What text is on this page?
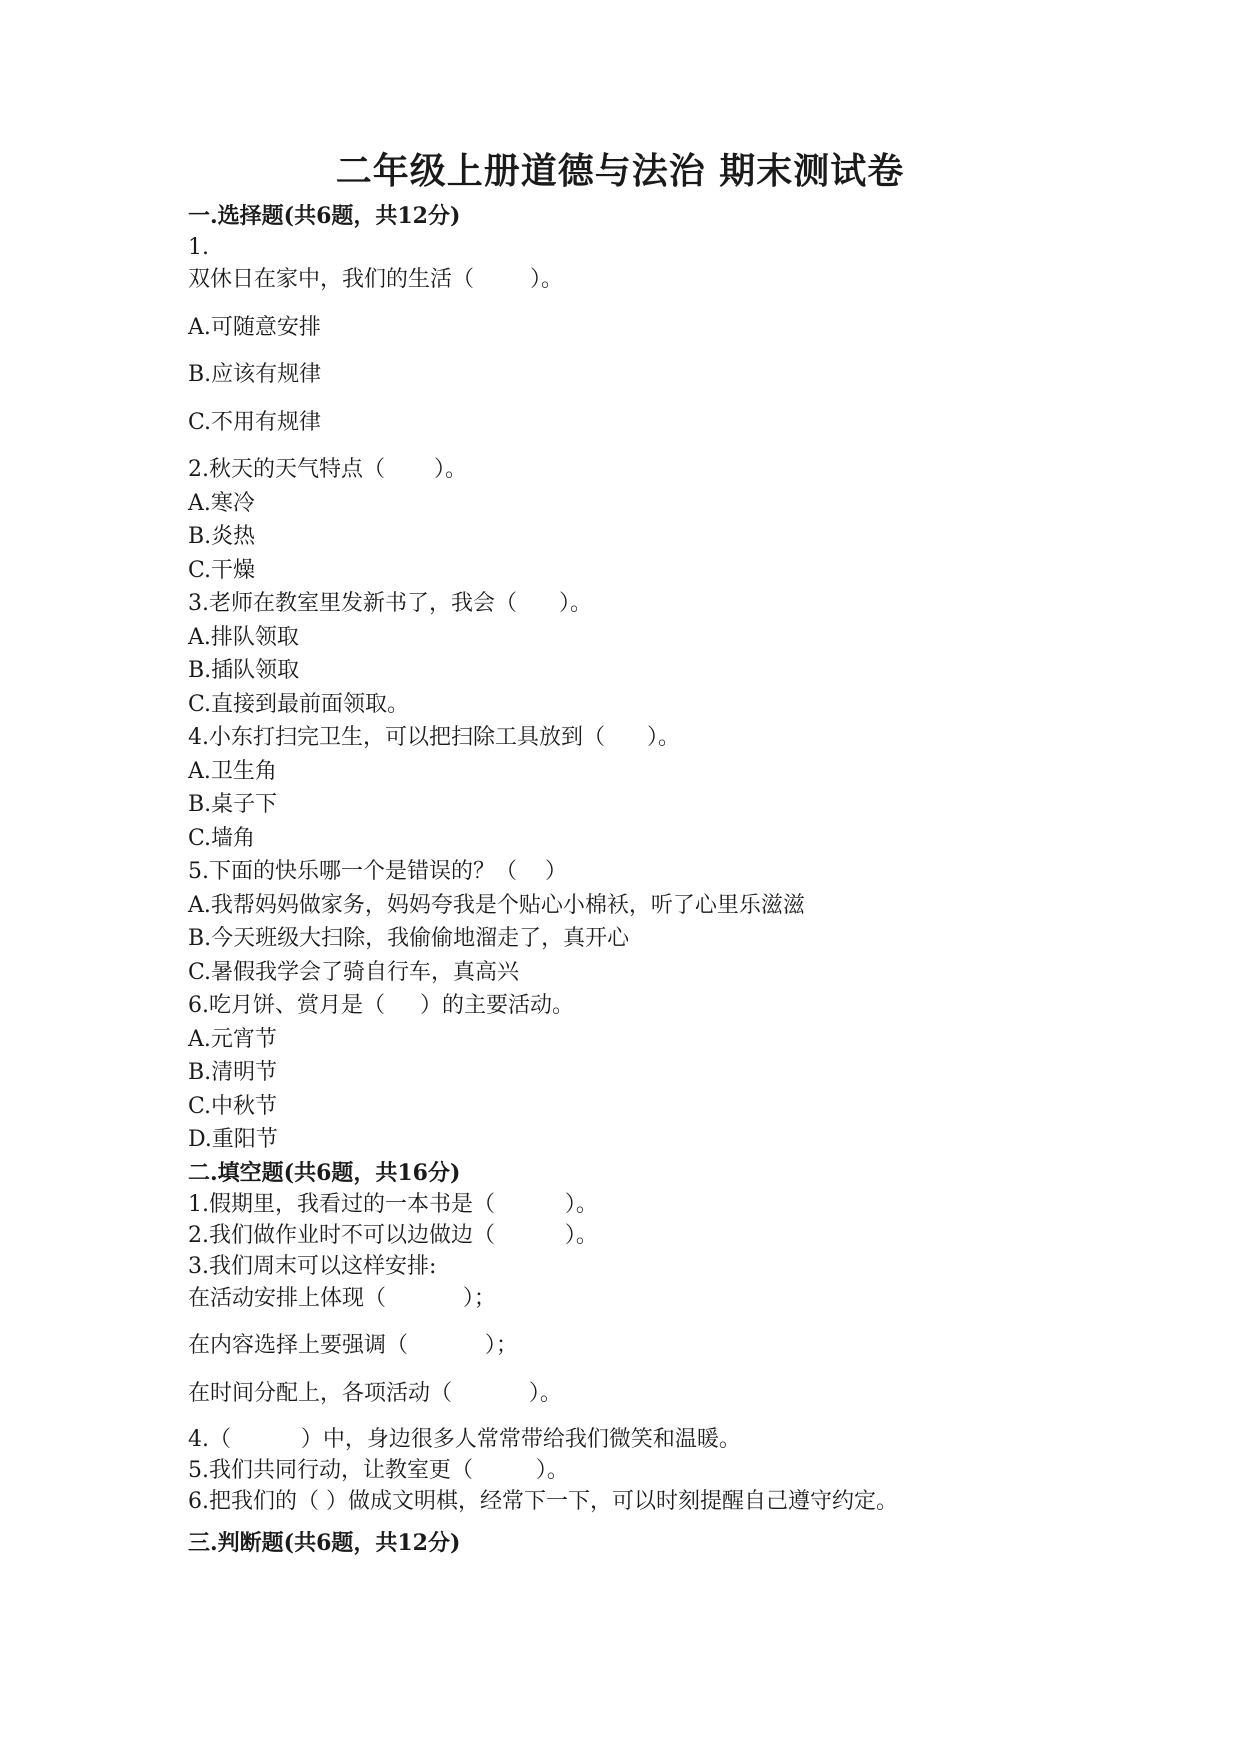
二年级上册道德与法治 期末测试卷
一.选择题(共6题，共12分)
1.
双休日在家中，我们的生活（        ）。
A.可随意安排
B.应该有规律
C.不用有规律
2.秋天的天气特点（       ）。
A.寒冷
B.炎热
C.干燥
3.老师在教室里发新书了，我会（      ）。
A.排队领取
B.插队领取
C.直接到最前面领取。
4.小东打扫完卫生，可以把扫除工具放到（      ）。
A.卫生角
B.桌子下
C.墙角
5.下面的快乐哪一个是错误的？（    ）
A.我帮妈妈做家务，妈妈夸我是个贴心小棉袄，听了心里乐滋滋
B.今天班级大扫除，我偷偷地溜走了，真开心
C.暑假我学会了骑自行车，真高兴
6.吃月饼、赏月是（     ）的主要活动。
A.元宵节
B.清明节
C.中秋节
D.重阳节
二.填空题(共6题，共16分)
1.假期里，我看过的一本书是（          ）。
2.我们做作业时不可以边做边（          ）。
3.我们周末可以这样安排:
在活动安排上体现（           ）；
在内容选择上要强调（           ）；
在时间分配上，各项活动（           ）。
4.（          ）中，身边很多人常常带给我们微笑和温暖。
5.我们共同行动，让教室更（         ）。
6.把我们的（ ）做成文明棋，经常下一下，可以时刻提醒自己遵守约定。
三.判断题(共6题，共12分)
